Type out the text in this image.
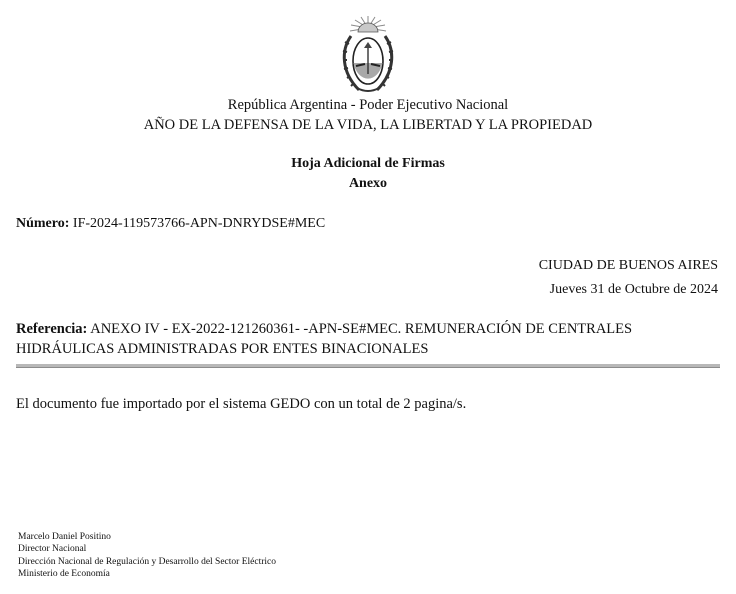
República Argentina - Poder Ejecutivo Nacional
AÑO DE LA DEFENSA DE LA VIDA, LA LIBERTAD Y LA PROPIEDAD
Hoja Adicional de Firmas
Anexo
Número: IF-2024-119573766-APN-DNRYDSE#MEC
CIUDAD DE BUENOS AIRES
Jueves 31 de Octubre de 2024
Referencia: ANEXO IV - EX-2022-121260361- -APN-SE#MEC. REMUNERACIÓN DE CENTRALES HIDRÁULICAS ADMINISTRADAS POR ENTES BINACIONALES
El documento fue importado por el sistema GEDO con un total de 2 pagina/s.
Marcelo Daniel Positino
Director Nacional
Dirección Nacional de Regulación y Desarrollo del Sector Eléctrico
Ministerio de Economía
